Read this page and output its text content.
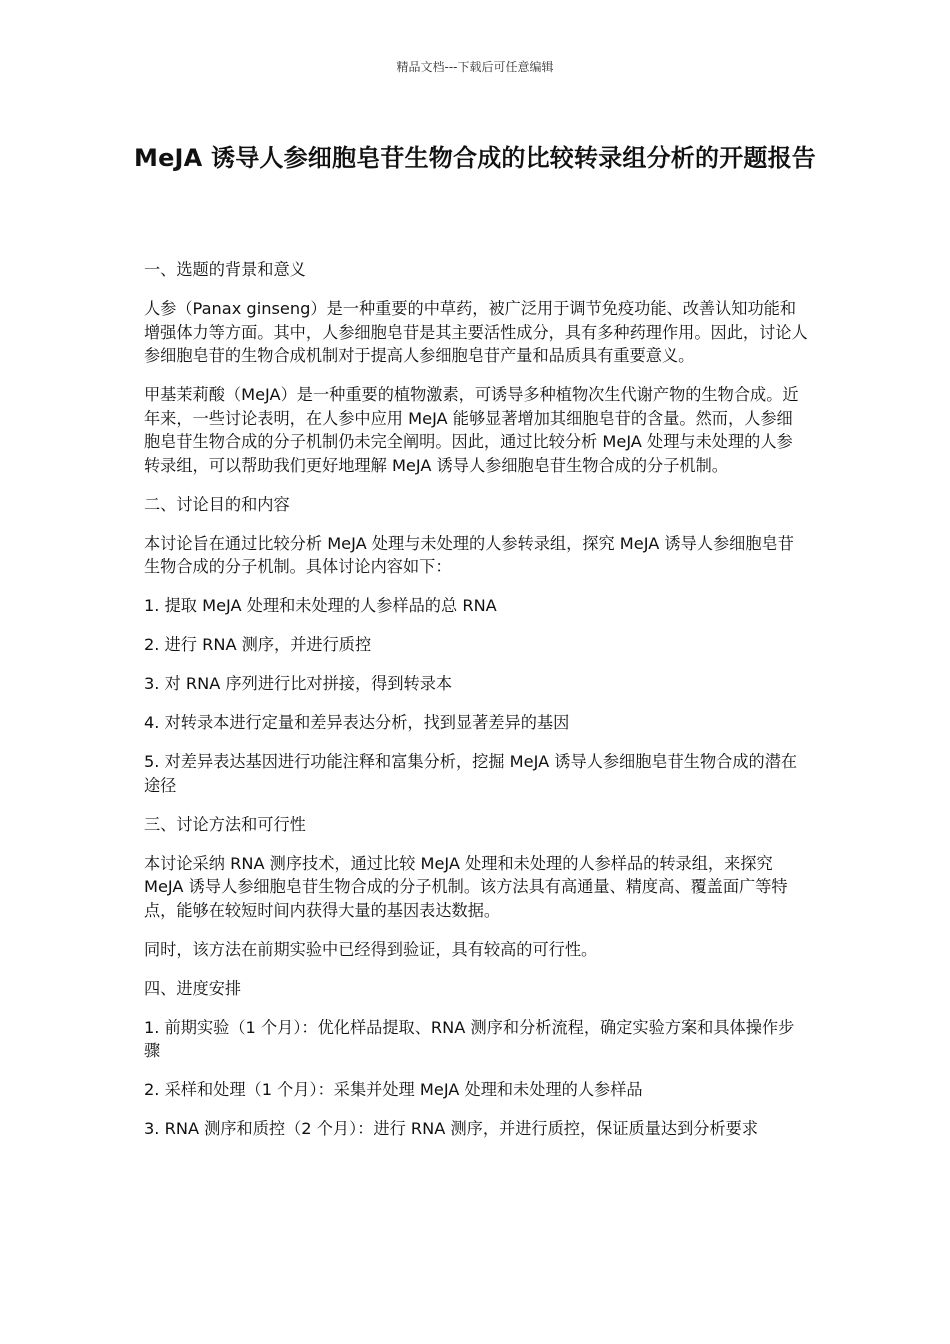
精品文档---下载后可任意编辑
MeJA 诱导人参细胞皂苷生物合成的比较转录组分析的开题报告

一、选题的背景和意义

人参（Panax ginseng）是一种重要的中草药，被广泛用于调节免疫功能、改善认知功能和增强体力等方面。其中，人参细胞皂苷是其主要活性成分，具有多种药理作用。因此，讨论人参细胞皂苷的生物合成机制对于提高人参细胞皂苷产量和品质具有重要意义。

甲基茉莉酸（MeJA）是一种重要的植物激素，可诱导多种植物次生代谢产物的生物合成。近年来，一些讨论表明，在人参中应用 MeJA 能够显著增加其细胞皂苷的含量。然而，人参细胞皂苷生物合成的分子机制仍未完全阐明。因此，通过比较分析 MeJA 处理与未处理的人参转录组，可以帮助我们更好地理解 MeJA 诱导人参细胞皂苷生物合成的分子机制。

二、讨论目的和内容

本讨论旨在通过比较分析 MeJA 处理与未处理的人参转录组，探究 MeJA 诱导人参细胞皂苷生物合成的分子机制。具体讨论内容如下：

1. 提取 MeJA 处理和未处理的人参样品的总 RNA

2. 进行 RNA 测序，并进行质控

3. 对 RNA 序列进行比对拼接，得到转录本

4. 对转录本进行定量和差异表达分析，找到显著差异的基因

5. 对差异表达基因进行功能注释和富集分析，挖掘 MeJA 诱导人参细胞皂苷生物合成的潜在途径

三、讨论方法和可行性

本讨论采纳 RNA 测序技术，通过比较 MeJA 处理和未处理的人参样品的转录组，来探究 MeJA 诱导人参细胞皂苷生物合成的分子机制。该方法具有高通量、精度高、覆盖面广等特点，能够在较短时间内获得大量的基因表达数据。

同时，该方法在前期实验中已经得到验证，具有较高的可行性。

四、进度安排

1. 前期实验（1 个月）：优化样品提取、RNA 测序和分析流程，确定实验方案和具体操作步骤

2. 采样和处理（1 个月）：采集并处理 MeJA 处理和未处理的人参样品

3. RNA 测序和质控（2 个月）：进行 RNA 测序，并进行质控，保证质量达到分析要求
